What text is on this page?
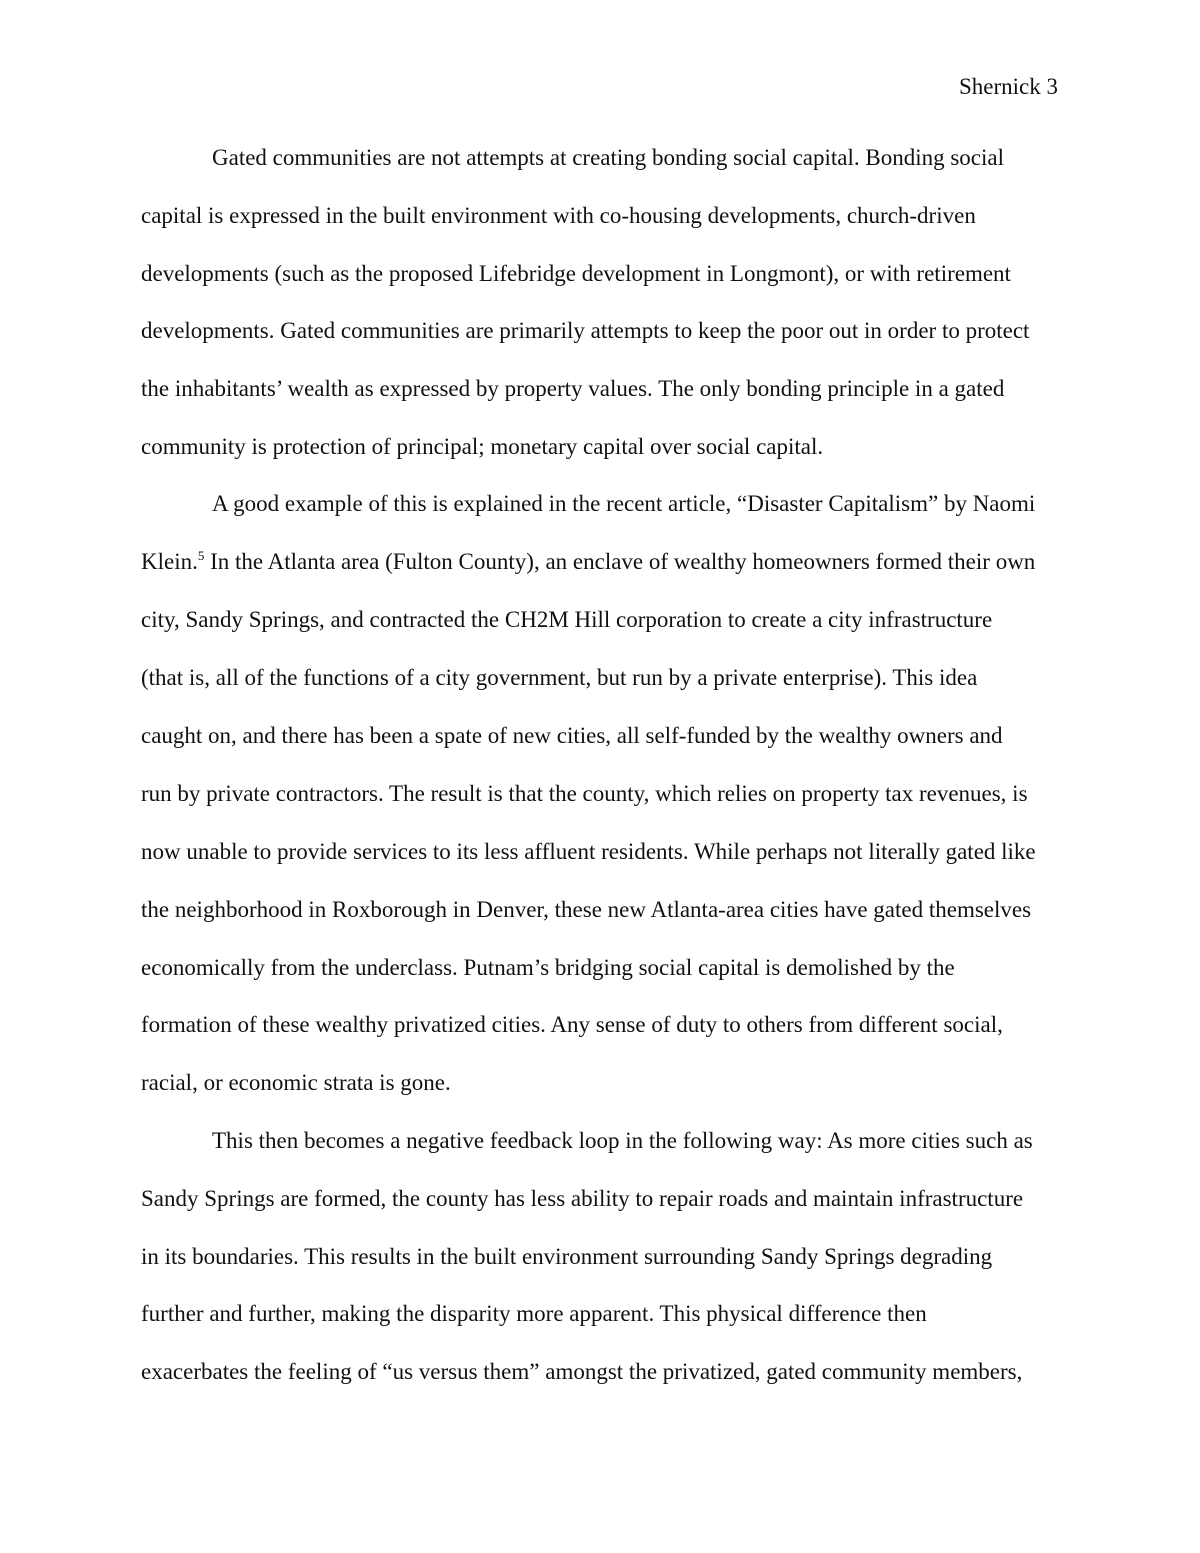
Shernick 3
Gated communities are not attempts at creating bonding social capital. Bonding social
capital is expressed in the built environment with co-housing developments, church-driven
developments (such as the proposed Lifebridge development in Longmont), or with retirement
developments. Gated communities are primarily attempts to keep the poor out in order to protect
the inhabitants’ wealth as expressed by property values. The only bonding principle in a gated
community is protection of principal; monetary capital over social capital.
A good example of this is explained in the recent article, “Disaster Capitalism” by Naomi
Klein.$^5$ In the Atlanta area (Fulton County), an enclave of wealthy homeowners formed their own
city, Sandy Springs, and contracted the CH2M Hill corporation to create a city infrastructure
(that is, all of the functions of a city government, but run by a private enterprise). This idea
caught on, and there has been a spate of new cities, all self-funded by the wealthy owners and
run by private contractors. The result is that the county, which relies on property tax revenues, is
now unable to provide services to its less affluent residents. While perhaps not literally gated like
the neighborhood in Roxborough in Denver, these new Atlanta-area cities have gated themselves
economically from the underclass. Putnam’s bridging social capital is demolished by the
formation of these wealthy privatized cities. Any sense of duty to others from different social,
racial, or economic strata is gone.
This then becomes a negative feedback loop in the following way: As more cities such as
Sandy Springs are formed, the county has less ability to repair roads and maintain infrastructure
in its boundaries. This results in the built environment surrounding Sandy Springs degrading
further and further, making the disparity more apparent. This physical difference then
exacerbates the feeling of “us versus them” amongst the privatized, gated community members,
